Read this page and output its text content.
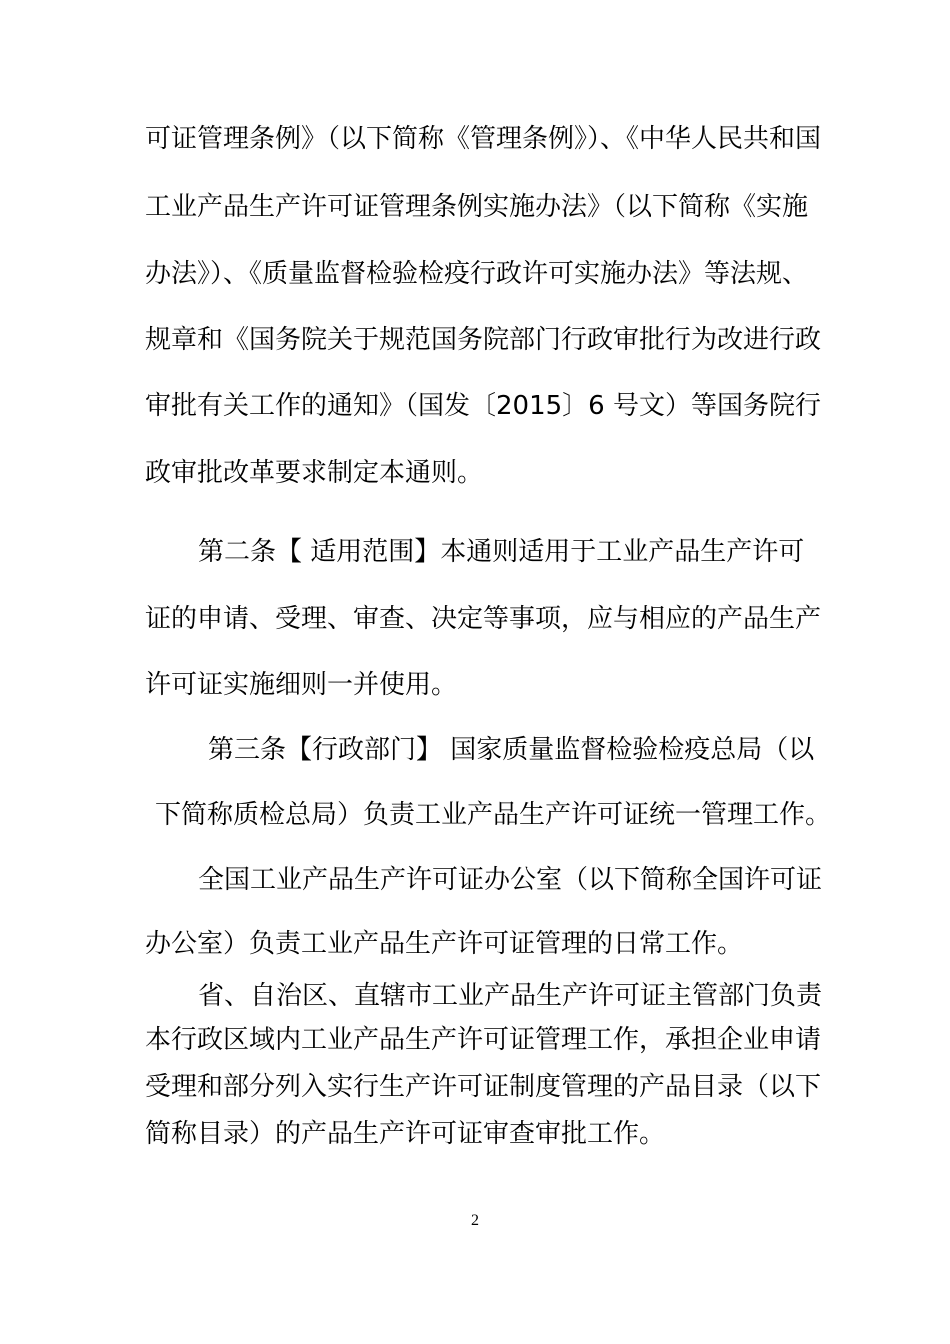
可证管理条例》（以下简称《管理条例》）、《中华人民共和国
工业产品生产许可证管理条例实施办法》（以下简称《实施
办法》）、《质量监督检验检疫行政许可实施办法》等法规、
规章和《国务院关于规范国务院部门行政审批行为改进行政
审批有关工作的通知》（国发〔2015〕6 号文）等国务院行
政审批改革要求制定本通则。
第二条【 适用范围】本通则适用于工业产品生产许可
证的申请、受理、审查、决定等事项，应与相应的产品生产
许可证实施细则一并使用。
第三条【行政部门】 国家质量监督检验检疫总局（以
下简称质检总局）负责工业产品生产许可证统一管理工作。
全国工业产品生产许可证办公室（以下简称全国许可证
办公室）负责工业产品生产许可证管理的日常工作。
省、自治区、直辖市工业产品生产许可证主管部门负责
本行政区域内工业产品生产许可证管理工作，承担企业申请
受理和部分列入实行生产许可证制度管理的产品目录（以下
简称目录）的产品生产许可证审查审批工作。
2
